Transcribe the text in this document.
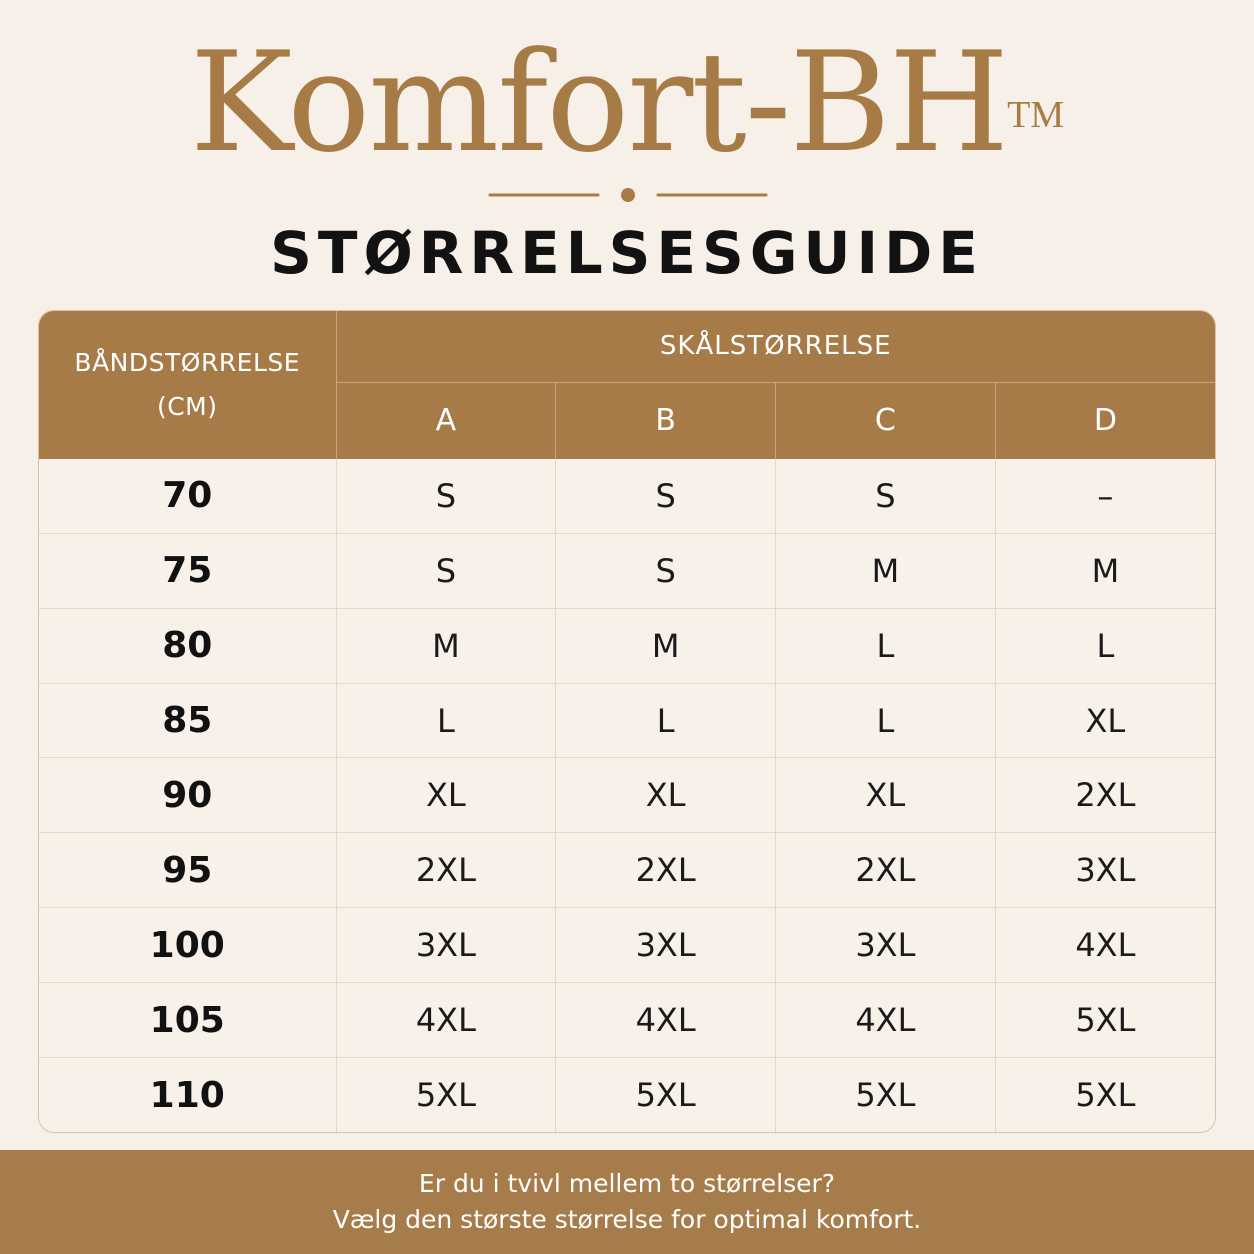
Komfort-BH™
STØRRELSESGUIDE
BÅNDSTØRRELSE
(CM)	SKÅLSTØRRELSE			
	A	B	C	D
70	S	S	S	–
75	S	S	M	M
80	M	M	L	L
85	L	L	L	XL
90	XL	XL	XL	2XL
95	2XL	2XL	2XL	3XL
100	3XL	3XL	3XL	4XL
105	4XL	4XL	4XL	5XL
110	5XL	5XL	5XL	5XL
Er du i tvivl mellem to størrelser?
Vælg den største størrelse for optimal komfort.
